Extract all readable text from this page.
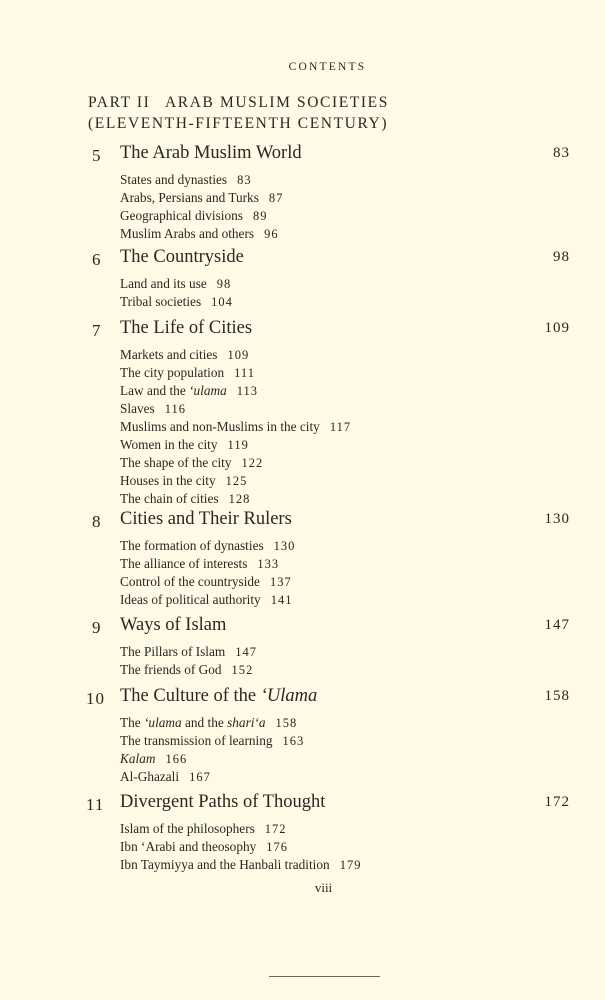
CONTENTS
PART II ARAB MUSLIM SOCIETIES
(ELEVENTH-FIFTEENTH CENTURY)
5	The Arab Muslim World	83
States and dynasties 83
Arabs, Persians and Turks 87
Geographical divisions 89
Muslim Arabs and others 96
6	The Countryside	98
Land and its use 98
Tribal societies 104
7	The Life of Cities	109
Markets and cities 109
The city population 111
Law and the ‘ulama 113
Slaves 116
Muslims and non-Muslims in the city 117
Women in the city 119
The shape of the city 122
Houses in the city 125
The chain of cities 128
8	Cities and Their Rulers	130
The formation of dynasties 130
The alliance of interests 133
Control of the countryside 137
Ideas of political authority 141
9	Ways of Islam	147
The Pillars of Islam 147
The friends of God 152
10 The Culture of the ‘Ulama	158
The ‘ulama and the shari‘a 158
The transmission of learning 163
Kalam 166
Al-Ghazali 167
11 Divergent Paths of Thought	172
Islam of the philosophers 172
Ibn ‘Arabi and theosophy 176
Ibn Taymiyya and the Hanbali tradition 179
viii
